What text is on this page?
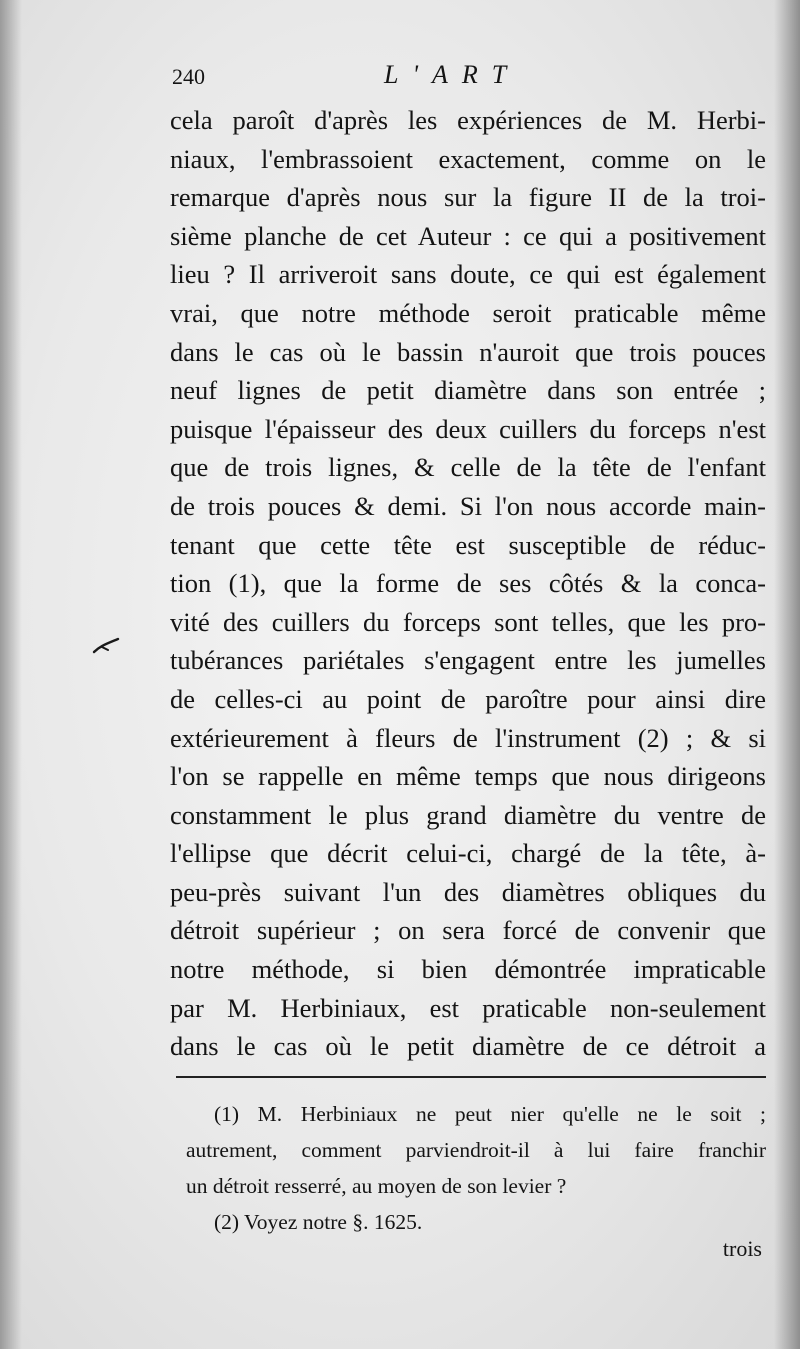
240	L'ART
cela paroît d'après les expériences de M. Herbi-
niaux, l'embrassoient exactement, comme on le
remarque d'après nous sur la figure II de la troi-
sième planche de cet Auteur : ce qui a positivement
lieu ? Il arriveroit sans doute, ce qui est également
vrai, que notre méthode seroit praticable même
dans le cas où le bassin n'auroit que trois pouces
neuf lignes de petit diamètre dans son entrée ;
puisque l'épaisseur des deux cuillers du forceps n'est
que de trois lignes, & celle de la tête de l'enfant
de trois pouces & demi. Si l'on nous accorde main-
tenant que cette tête est susceptible de réduc-
tion (1), que la forme de ses côtés & la conca-
vité des cuillers du forceps sont telles, que les pro-
tubérances pariétales s'engagent entre les jumelles
de celles-ci au point de paroître pour ainsi dire
extérieurement à fleurs de l'instrument (2) ; & si
l'on se rappelle en même temps que nous dirigeons
constamment le plus grand diamètre du ventre de
l'ellipse que décrit celui-ci, chargé de la tête, à-
peu-près suivant l'un des diamètres obliques du
détroit supérieur ; on sera forcé de convenir que
notre méthode, si bien démontrée impraticable
par M. Herbiniaux, est praticable non-seulement
dans le cas où le petit diamètre de ce détroit a
(1) M. Herbiniaux ne peut nier qu'elle ne le soit ;
autrement, comment parviendroit-il à lui faire franchir
un détroit resserré, au moyen de son levier ?
(2) Voyez notre §. 1625.
trois
